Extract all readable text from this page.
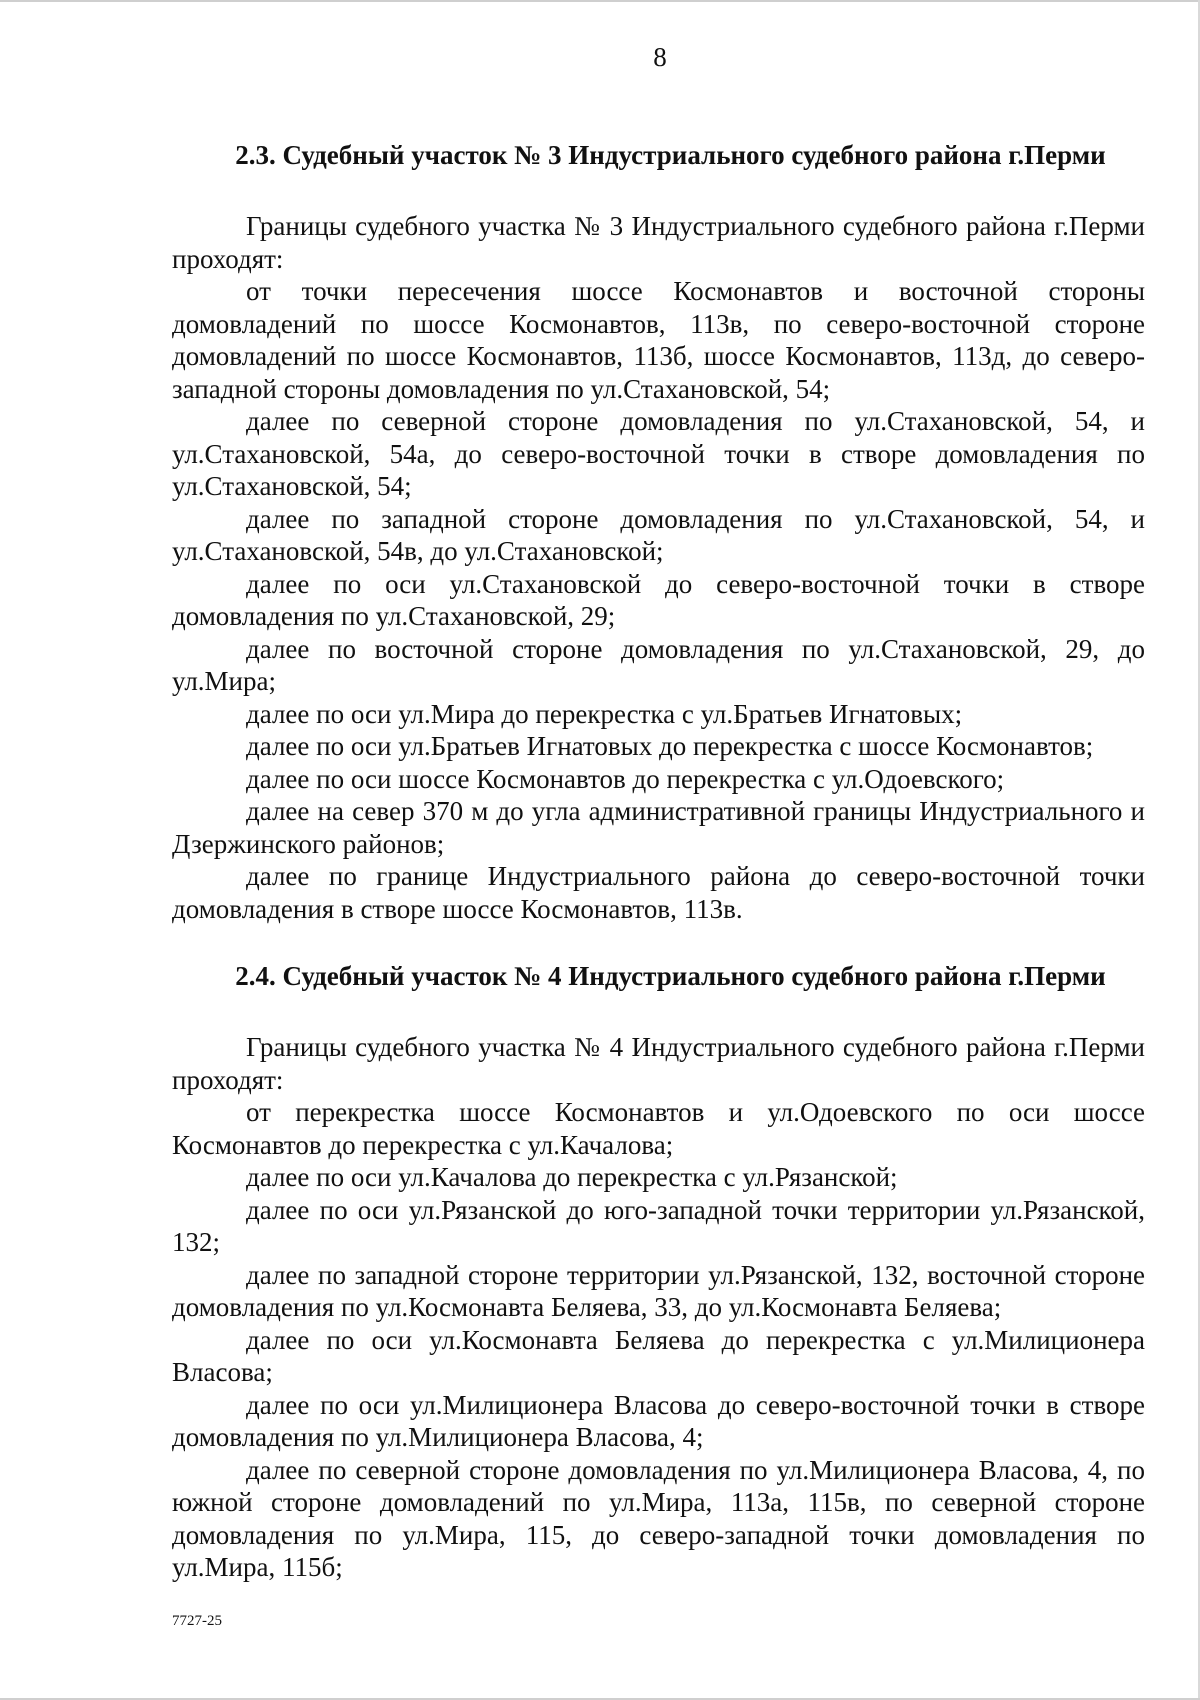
8
2.3. Судебный участок № 3 Индустриального судебного района г.Перми

Границы судебного участка № 3 Индустриального судебного района г.Перми проходят:

от точки пересечения шоссе Космонавтов и восточной стороны домовладений по шоссе Космонавтов, 113в, по северо-восточной стороне домовладений по шоссе Космонавтов, 113б, шоссе Космонавтов, 113д, до северо-западной стороны домовладения по ул.Стахановской, 54;

далее по северной стороне домовладения по ул.Стахановской, 54, и ул.Стахановской, 54а, до северо-восточной точки в створе домовладения по ул.Стахановской, 54;

далее по западной стороне домовладения по ул.Стахановской, 54, и ул.Стахановской, 54в, до ул.Стахановской;

далее по оси ул.Стахановской до северо-восточной точки в створе домовладения по ул.Стахановской, 29;

далее по восточной стороне домовладения по ул.Стахановской, 29, до ул.Мира;

далее по оси ул.Мира до перекрестка с ул.Братьев Игнатовых;

далее по оси ул.Братьев Игнатовых до перекрестка с шоссе Космонавтов;

далее по оси шоссе Космонавтов до перекрестка с ул.Одоевского;

далее на север 370 м до угла административной границы Индустриального и Дзержинского районов;

далее по границе Индустриального района до северо-восточной точки домовладения в створе шоссе Космонавтов, 113в.

2.4. Судебный участок № 4 Индустриального судебного района г.Перми

Границы судебного участка № 4 Индустриального судебного района г.Перми проходят:

от перекрестка шоссе Космонавтов и ул.Одоевского по оси шоссе Космонавтов до перекрестка с ул.Качалова;

далее по оси ул.Качалова до перекрестка с ул.Рязанской;

далее по оси ул.Рязанской до юго-западной точки территории ул.Рязанской, 132;

далее по западной стороне территории ул.Рязанской, 132, восточной стороне домовладения по ул.Космонавта Беляева, 33, до ул.Космонавта Беляева;

далее по оси ул.Космонавта Беляева до перекрестка с ул.Милиционера Власова;

далее по оси ул.Милиционера Власова до северо-восточной точки в створе домовладения по ул.Милиционера Власова, 4;

далее по северной стороне домовладения по ул.Милиционера Власова, 4, по южной стороне домовладений по ул.Мира, 113а, 115в, по северной стороне домовладения по ул.Мира, 115, до северо-западной точки домовладения по ул.Мира, 115б;

7727-25
